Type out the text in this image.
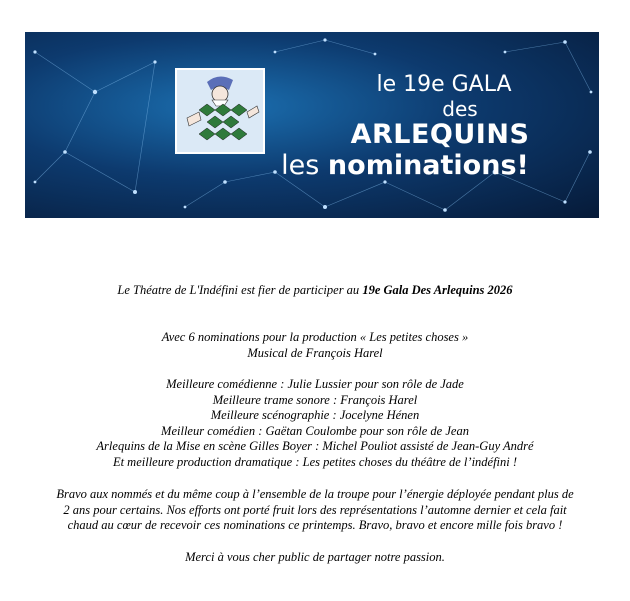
le 19e GALA
des
ARLEQUINS
les nominations!
Le Théatre de L'Indéfini est fier de participer au 19e Gala Des Arlequins 2026
Avec 6 nominations pour la production « Les petites choses »
Musical de François Harel
Meilleure comédienne : Julie Lussier pour son rôle de Jade
Meilleure trame sonore : François Harel
Meilleure scénographie : Jocelyne Hénen
Meilleur comédien : Gaëtan Coulombe pour son rôle de Jean
Arlequins de la Mise en scène Gilles Boyer : Michel Pouliot assisté de Jean-Guy André
Et meilleure production dramatique : Les petites choses du théâtre de l’indéfini !
Bravo aux nommés et du même coup à l’ensemble de la troupe pour l’énergie déployée pendant plus de
2 ans pour certains. Nos efforts ont porté fruit lors des représentations l’automne dernier et cela fait
chaud au cœur de recevoir ces nominations ce printemps. Bravo, bravo et encore mille fois bravo !
Merci à vous cher public de partager notre passion.
